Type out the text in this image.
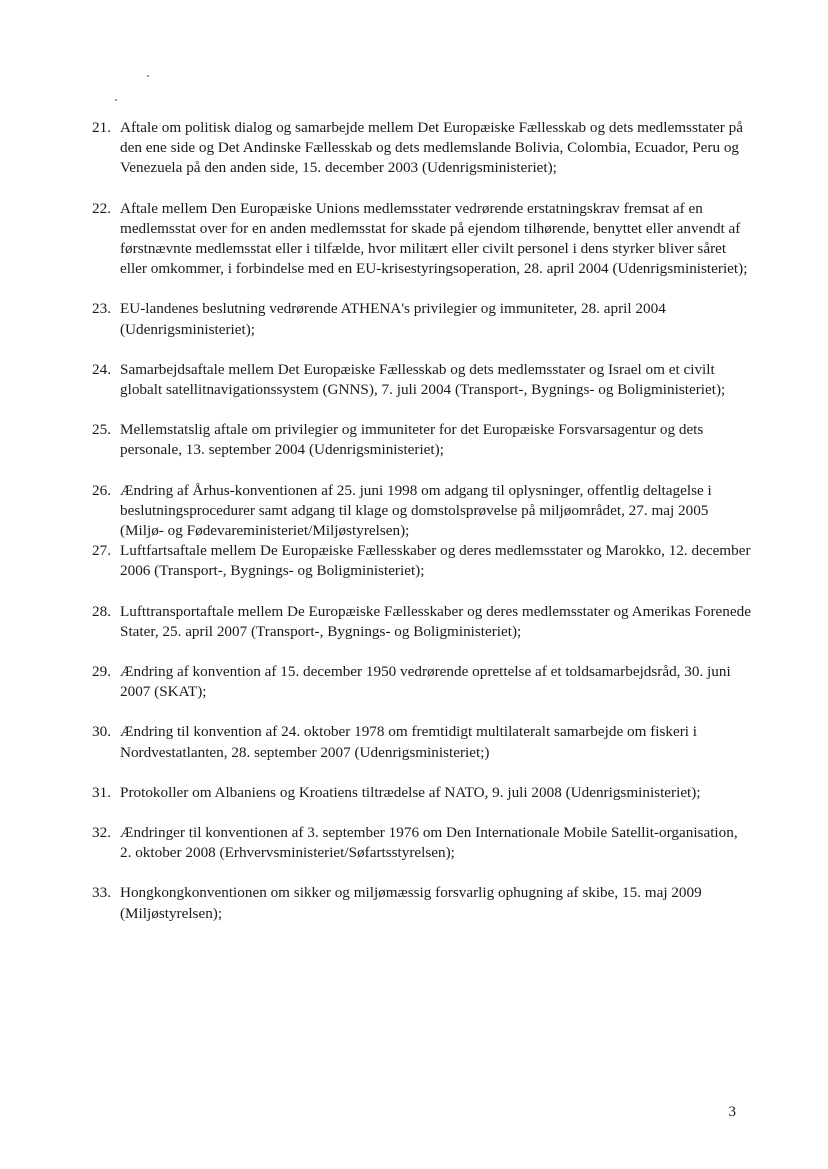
21. Aftale om politisk dialog og samarbejde mellem Det Europæiske Fællesskab og dets medlemsstater på den ene side og Det Andinske Fællesskab og dets medlemslande Bolivia, Colombia, Ecuador, Peru og Venezuela på den anden side, 15. december 2003 (Udenrigsministeriet);
22. Aftale mellem Den Europæiske Unions medlemsstater vedrørende erstatningskrav fremsat af en medlemsstat over for en anden medlemsstat for skade på ejendom tilhørende, benyttet eller anvendt af førstnævnte medlemsstat eller i tilfælde, hvor militært eller civilt personel i dens styrker bliver såret eller omkommer, i forbindelse med en EU-krisestyringsoperation, 28. april 2004 (Udenrigsministeriet);
23. EU-landenes beslutning vedrørende ATHENA's privilegier og immuniteter, 28. april 2004 (Udenrigsministeriet);
24. Samarbejdsaftale mellem Det Europæiske Fællesskab og dets medlemsstater og Israel om et civilt globalt satellitnavigationssystem (GNNS), 7. juli 2004 (Transport-, Bygnings- og Boligministeriet);
25. Mellemstatslig aftale om privilegier og immuniteter for det Europæiske Forsvarsagentur og dets personale, 13. september 2004 (Udenrigsministeriet);
26. Ændring af Århus-konventionen af 25. juni 1998 om adgang til oplysninger, offentlig deltagelse i beslutningsprocedurer samt adgang til klage og domstolsprøvelse på miljøområdet, 27. maj 2005 (Miljø- og Fødevareministeriet/Miljøstyrelsen);
27. Luftfartsaftale mellem De Europæiske Fællesskaber og deres medlemsstater og Marokko, 12. december 2006 (Transport-, Bygnings- og Boligministeriet);
28. Lufttransportaftale mellem De Europæiske Fællesskaber og deres medlemsstater og Amerikas Forenede Stater, 25. april 2007 (Transport-, Bygnings- og Boligministeriet);
29. Ændring af konvention af 15. december 1950 vedrørende oprettelse af et toldsamarbejdsråd, 30. juni 2007 (SKAT);
30. Ændring til konvention af 24. oktober 1978 om fremtidigt multilateralt samarbejde om fiskeri i Nordvestatlanten, 28. september 2007 (Udenrigsministeriet;)
31. Protokoller om Albaniens og Kroatiens tiltrædelse af NATO, 9. juli 2008 (Udenrigsministeriet);
32. Ændringer til konventionen af 3. september 1976 om Den Internationale Mobile Satellit-organisation, 2. oktober 2008 (Erhvervsministeriet/Søfartsstyrelsen);
33. Hongkongkonventionen om sikker og miljømæssig forsvarlig ophugning af skibe, 15. maj 2009 (Miljøstyrelsen);
3
